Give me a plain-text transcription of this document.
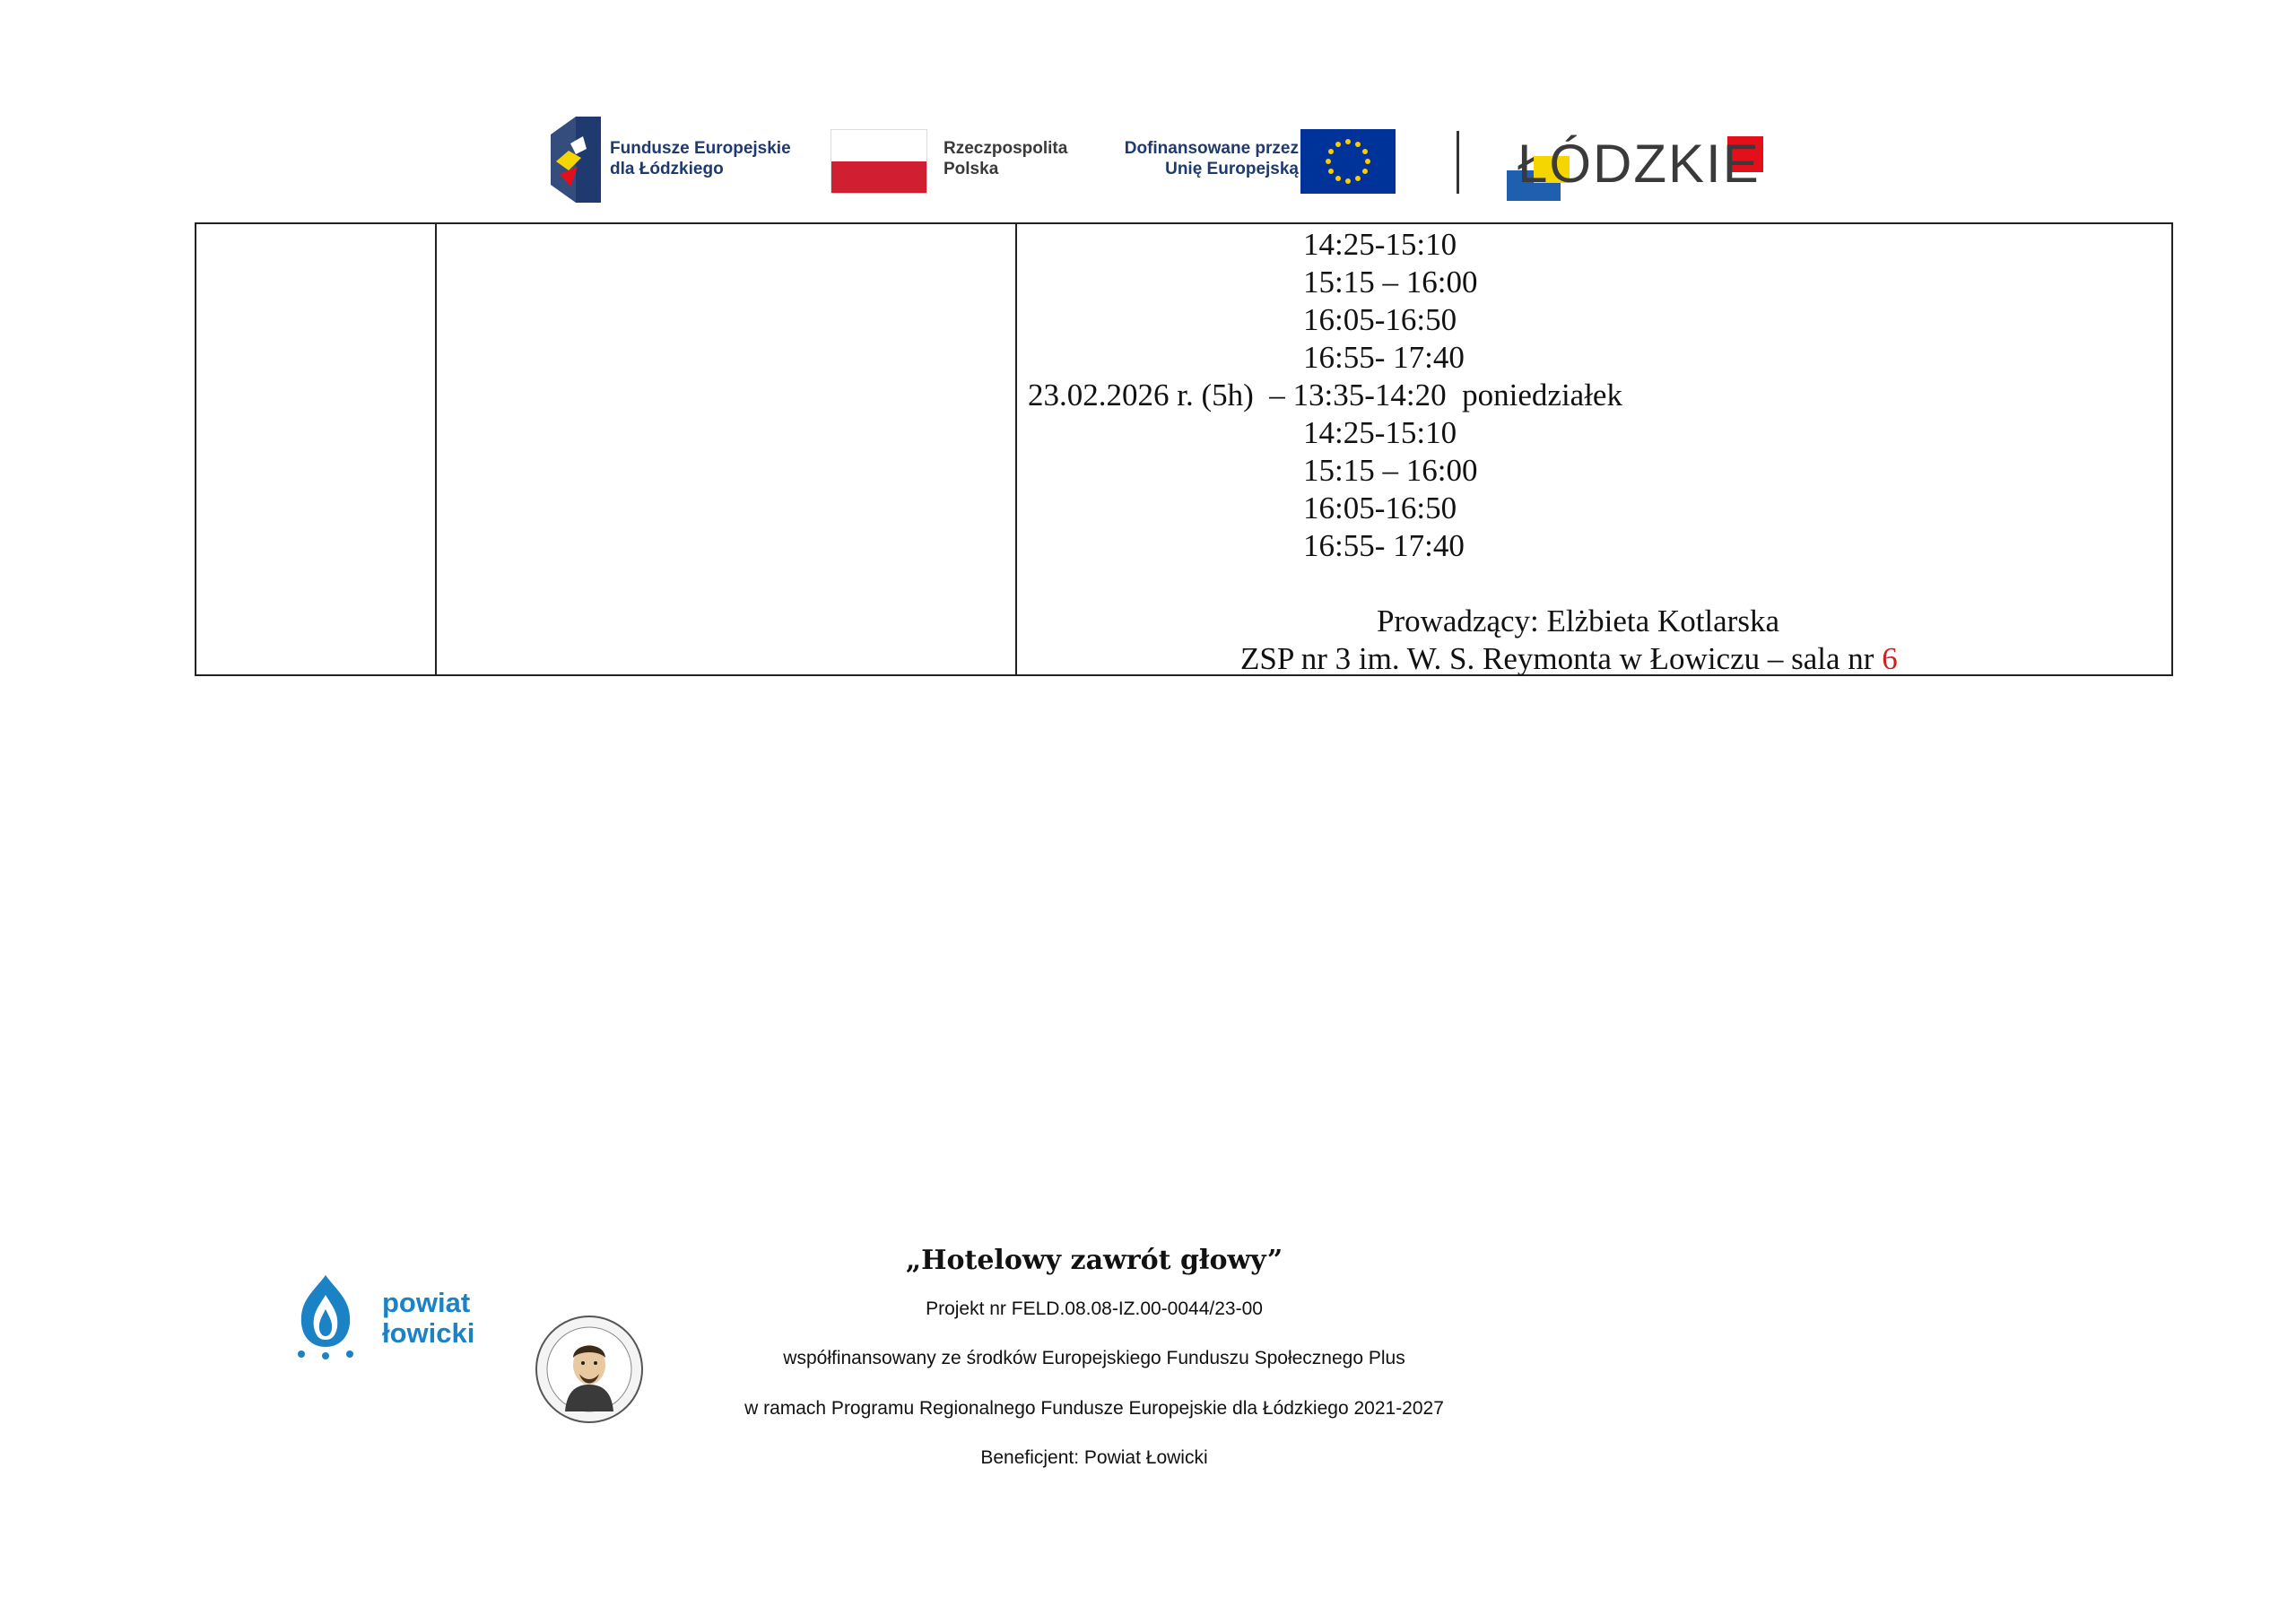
Fundusze Europejskie
dla Łódzkiego
Rzeczpospolita
Polska
Dofinansowane przez
Unię Europejską	ŁÓDZKIE
14:25-15:10
15:15 – 16:00
16:05-16:50
16:55- 17:40
23.02.2026 r. (5h) – 13:35-14:20 poniedziałek
14:25-15:10
15:15 – 16:00
16:05-16:50
16:55- 17:40
Prowadzący: Elżbieta Kotlarska
ZSP nr 3 im. W. S. Reymonta w Łowiczu – sala nr 6
powiat
łowicki
„Hotelowy zawrót głowy”
Projekt nr FELD.08.08-IZ.00-0044/23-00
współfinansowany ze środków Europejskiego Funduszu Społecznego Plus
w ramach Programu Regionalnego Fundusze Europejskie dla Łódzkiego 2021-2027
Beneficjent: Powiat Łowicki
